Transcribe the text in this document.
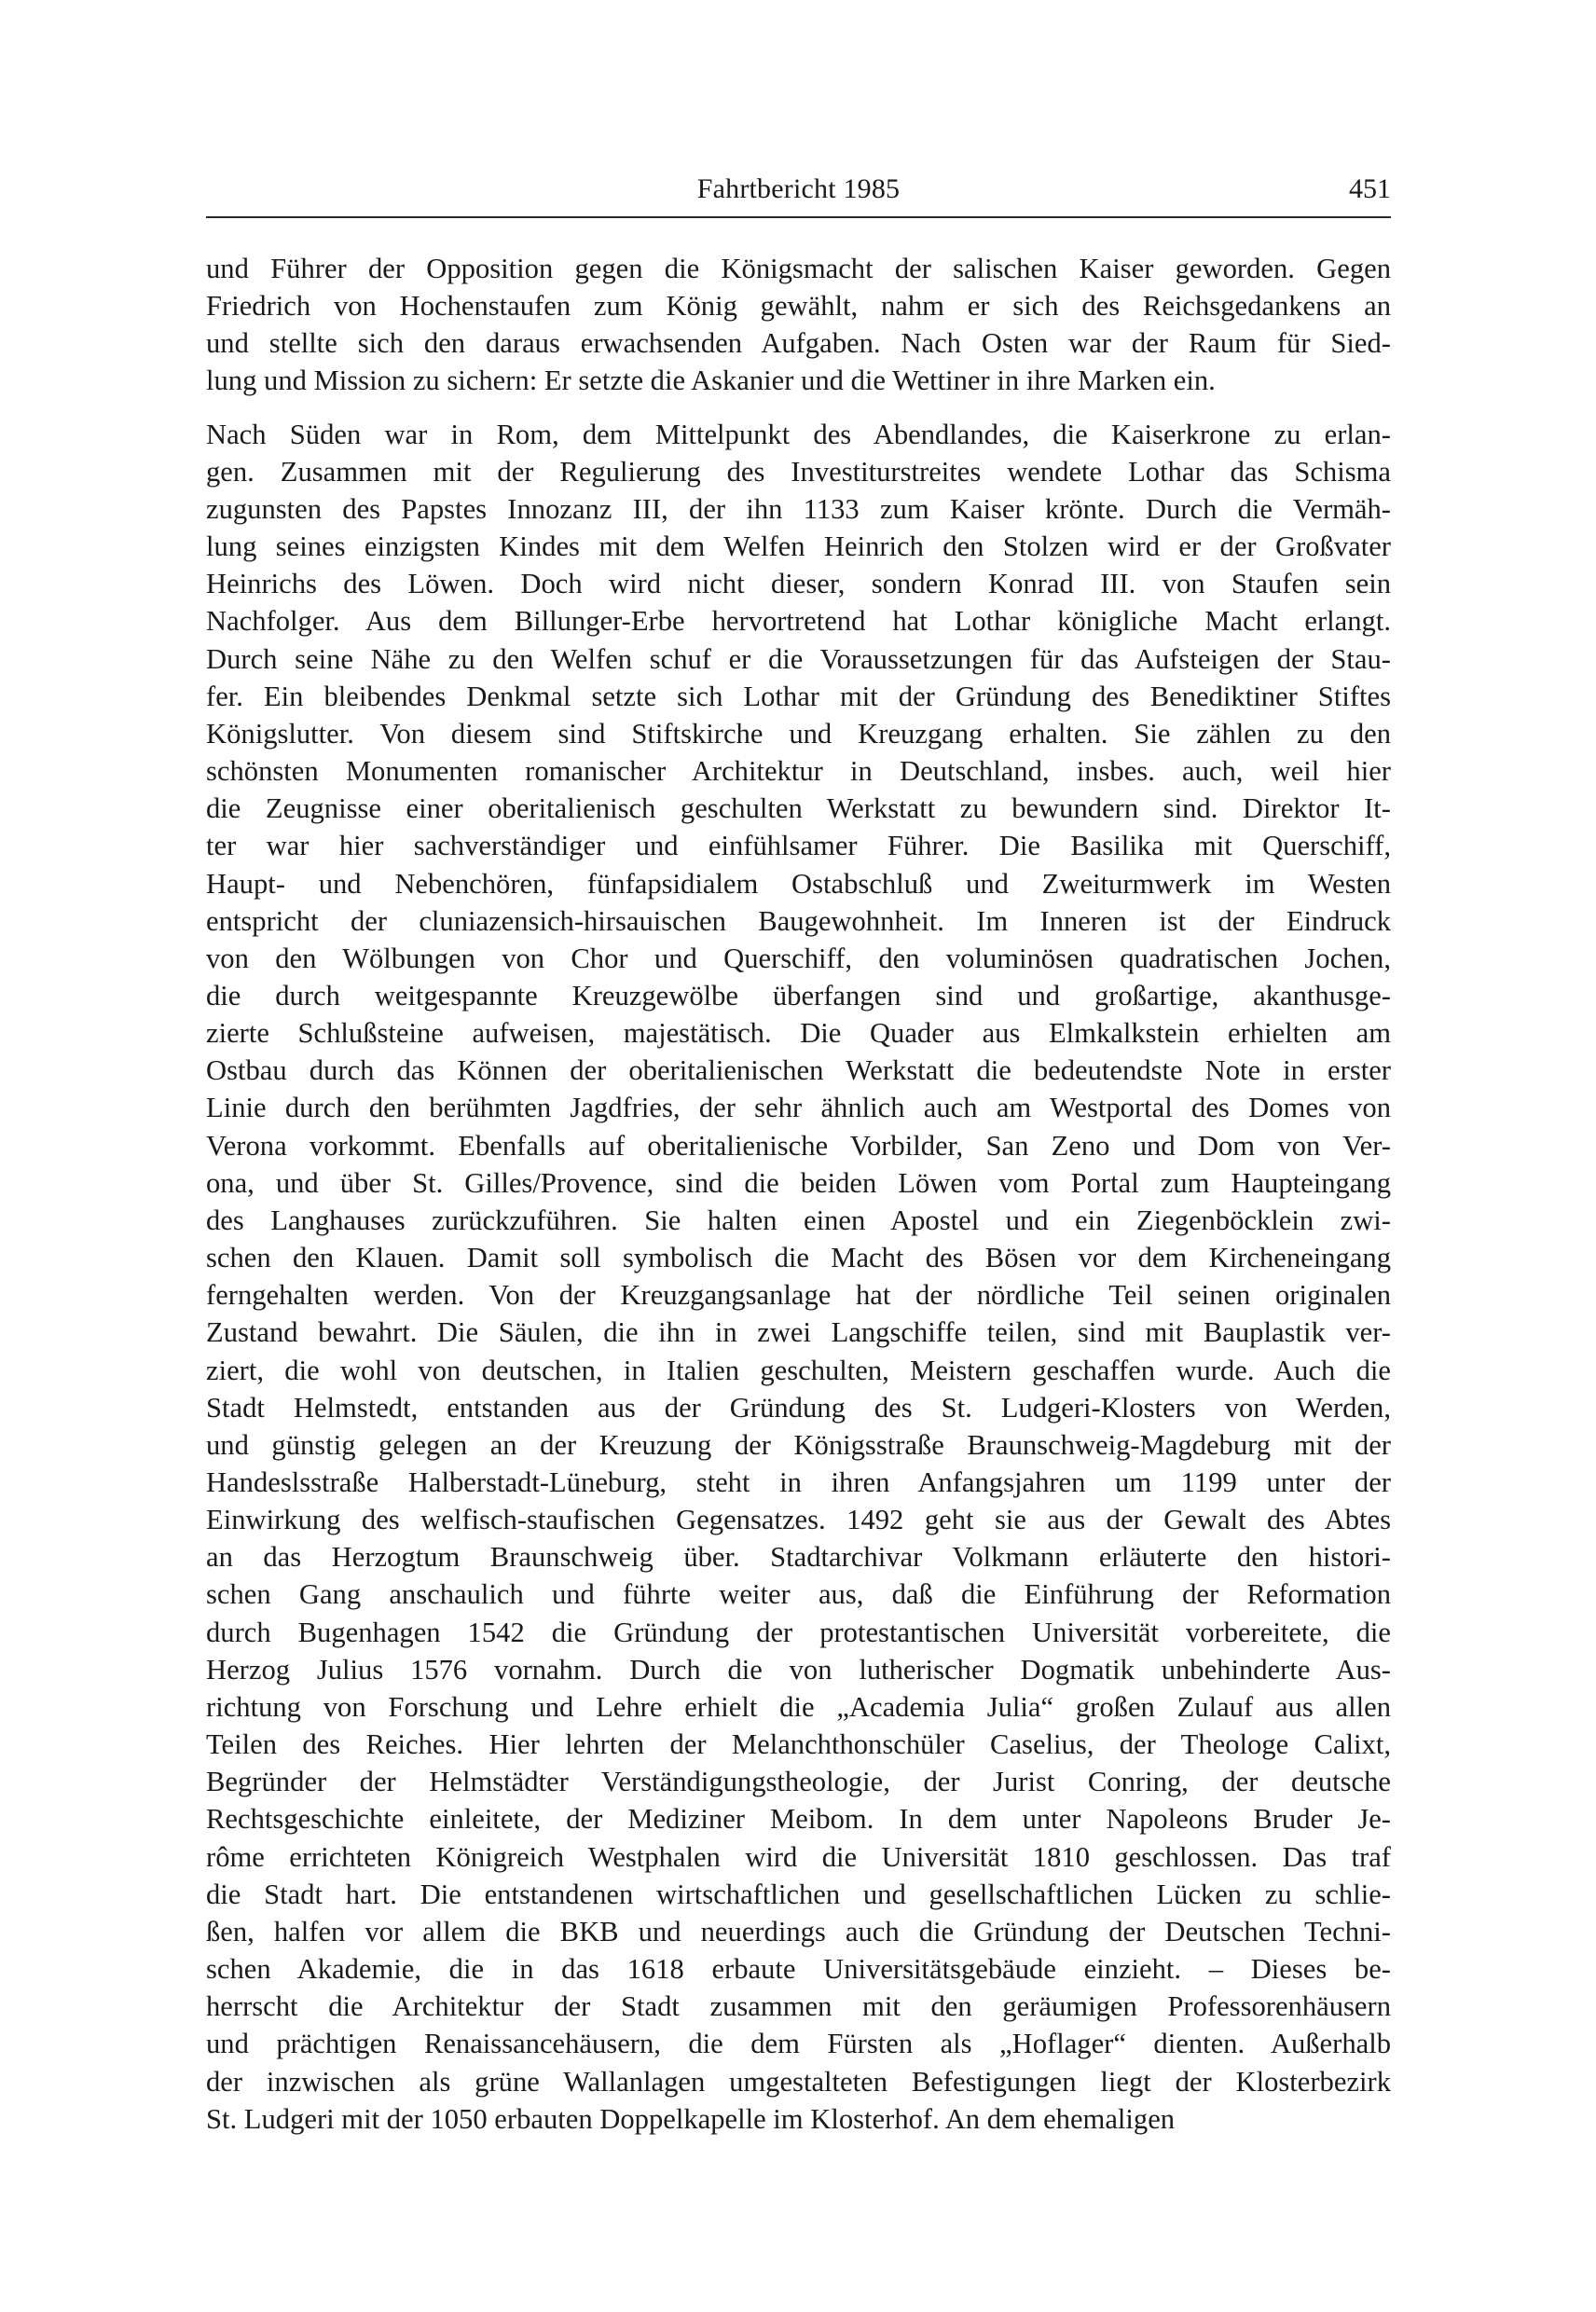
Fahrtbericht 1985	451

und Führer der Opposition gegen die Königsmacht der salischen Kaiser geworden. Gegen
Friedrich von Hochenstaufen zum König gewählt, nahm er sich des Reichsgedankens an
und stellte sich den daraus erwachsenden Aufgaben. Nach Osten war der Raum für Sied-
lung und Mission zu sichern: Er setzte die Askanier und die Wettiner in ihre Marken ein.

Nach Süden war in Rom, dem Mittelpunkt des Abendlandes, die Kaiserkrone zu erlan-
gen. Zusammen mit der Regulierung des Investiturstreites wendete Lothar das Schisma
zugunsten des Papstes Innozanz III, der ihn 1133 zum Kaiser krönte. Durch die Vermäh-
lung seines einzigsten Kindes mit dem Welfen Heinrich den Stolzen wird er der Großvater
Heinrichs des Löwen. Doch wird nicht dieser, sondern Konrad III. von Staufen sein
Nachfolger. Aus dem Billunger-Erbe hervortretend hat Lothar königliche Macht erlangt.
Durch seine Nähe zu den Welfen schuf er die Voraussetzungen für das Aufsteigen der Stau-
fer. Ein bleibendes Denkmal setzte sich Lothar mit der Gründung des Benediktiner Stiftes
Königslutter. Von diesem sind Stiftskirche und Kreuzgang erhalten. Sie zählen zu den
schönsten Monumenten romanischer Architektur in Deutschland, insbes. auch, weil hier
die Zeugnisse einer oberitalienisch geschulten Werkstatt zu bewundern sind. Direktor It-
ter war hier sachverständiger und einfühlsamer Führer. Die Basilika mit Querschiff,
Haupt- und Nebenchören, fünfapsidialem Ostabschluß und Zweiturmwerk im Westen
entspricht der cluniazensich-hirsauischen Baugewohnheit. Im Inneren ist der Eindruck
von den Wölbungen von Chor und Querschiff, den voluminösen quadratischen Jochen,
die durch weitgespannte Kreuzgewölbe überfangen sind und großartige, akanthusge-
zierte Schlußsteine aufweisen, majestätisch. Die Quader aus Elmkalkstein erhielten am
Ostbau durch das Können der oberitalienischen Werkstatt die bedeutendste Note in erster
Linie durch den berühmten Jagdfries, der sehr ähnlich auch am Westportal des Domes von
Verona vorkommt. Ebenfalls auf oberitalienische Vorbilder, San Zeno und Dom von Ver-
ona, und über St. Gilles/Provence, sind die beiden Löwen vom Portal zum Haupteingang
des Langhauses zurückzuführen. Sie halten einen Apostel und ein Ziegenböcklein zwi-
schen den Klauen. Damit soll symbolisch die Macht des Bösen vor dem Kircheneingang
ferngehalten werden. Von der Kreuzgangsanlage hat der nördliche Teil seinen originalen
Zustand bewahrt. Die Säulen, die ihn in zwei Langschiffe teilen, sind mit Bauplastik ver-
ziert, die wohl von deutschen, in Italien geschulten, Meistern geschaffen wurde. Auch die
Stadt Helmstedt, entstanden aus der Gründung des St. Ludgeri-Klosters von Werden,
und günstig gelegen an der Kreuzung der Königsstraße Braunschweig-Magdeburg mit der
Handeslsstraße Halberstadt-Lüneburg, steht in ihren Anfangsjahren um 1199 unter der
Einwirkung des welfisch-staufischen Gegensatzes. 1492 geht sie aus der Gewalt des Abtes
an das Herzogtum Braunschweig über. Stadtarchivar Volkmann erläuterte den histori-
schen Gang anschaulich und führte weiter aus, daß die Einführung der Reformation
durch Bugenhagen 1542 die Gründung der protestantischen Universität vorbereitete, die
Herzog Julius 1576 vornahm. Durch die von lutherischer Dogmatik unbehinderte Aus-
richtung von Forschung und Lehre erhielt die „Academia Julia“ großen Zulauf aus allen
Teilen des Reiches. Hier lehrten der Melanchthonschüler Caselius, der Theologe Calixt,
Begründer der Helmstädter Verständigungstheologie, der Jurist Conring, der deutsche
Rechtsgeschichte einleitete, der Mediziner Meibom. In dem unter Napoleons Bruder Je-
rôme errichteten Königreich Westphalen wird die Universität 1810 geschlossen. Das traf
die Stadt hart. Die entstandenen wirtschaftlichen und gesellschaftlichen Lücken zu schlie-
ßen, halfen vor allem die BKB und neuerdings auch die Gründung der Deutschen Techni-
schen Akademie, die in das 1618 erbaute Universitätsgebäude einzieht. – Dieses be-
herrscht die Architektur der Stadt zusammen mit den geräumigen Professorenhäusern
und prächtigen Renaissancehäusern, die dem Fürsten als „Hoflager“ dienten. Außerhalb
der inzwischen als grüne Wallanlagen umgestalteten Befestigungen liegt der Klosterbezirk
St. Ludgeri mit der 1050 erbauten Doppelkapelle im Klosterhof. An dem ehemaligen
